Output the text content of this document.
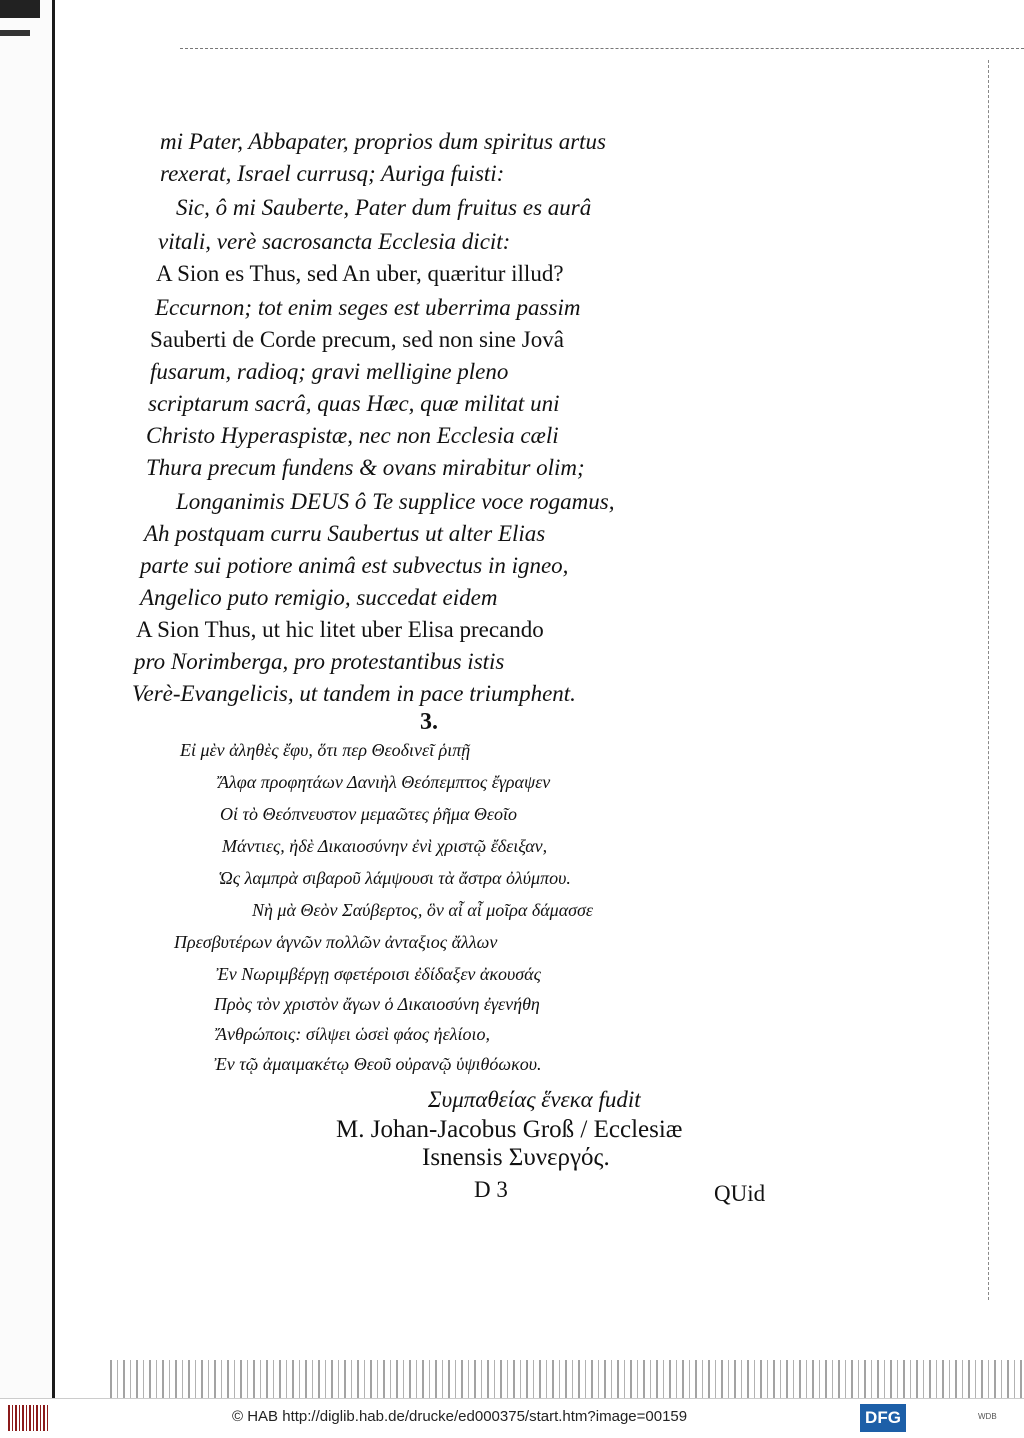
mi Pater, Abbapater, proprios dum spiritus artus
rexerat, Israel currusq; Auriga fuisti:
Sic, ô mi Sauberte, Pater dum fruitus es aurâ
vitali, verè sacrosancta Ecclesia dicit:
A Sion es Thus, sed An uber, quæritur illud?
Eccurnon; tot enim seges est uberrima passim
Sauberti de Corde precum, sed non sine Jovâ
fusarum, radioq; gravi melligine pleno
scriptarum sacrâ, quas Hæc, quæ militat uni
Christo Hyperaspistæ, nec non Ecclesia cæli
Thura precum fundens & ovans mirabitur olim;
Longanimis DEUS ô Te supplice voce rogamus,
Ah postquam curru Saubertus ut alter Elias
parte sui potiore animâ est subvectus in igneo,
Angelico puto remigio, succedat eidem
A Sion Thus, ut hic litet uber Elisa precando
pro Norimberga, pro protestantibus istis
Verè-Evangelicis, ut tandem in pace triumphent.
3.
Εἰ μὲν ἀληθὲς ἔφυ, ὅτι περ Θεοδινεῖ ῥιπῇ
Ἄλφα προφητάων Δανιὴλ Θεόπεμπτος ἔγραψεν
Οἱ τὸ Θεόπνευστον μεμαῶτες ῥῆμα Θεοῖο
Μάντιες, ἠδὲ Δικαιοσύνην ἐνὶ χριστῷ ἔδειξαν,
Ὡς λαμπρὰ σιβαροῦ λάμψουσι τὰ ἄστρα ὀλύμπου.
Νὴ μὰ Θεὸν Σαύβερτος, ὃν αἶ αἶ μοῖρα δάμασσε
Πρεσβυτέρων ἁγνῶν πολλῶν ἀνταξιος ἄλλων
Ἐν Νωριμβέργῃ σφετέροισι ἐδίδαξεν ἀκουσάς
Πρὸς τὸν χριστὸν ἄγων ὁ Δικαιοσύνη ἐγενήθη
Ἄνθρώποις: σίλψει ὡσεὶ φάος ἠελίοιο,
Ἐν τῷ ἀμαιμακέτῳ Θεοῦ οὐρανῷ ὑψιθόωκου.
Συμπαθείας ἕνεκα fudit
M. Johan-Jacobus Groß / Ecclesiæ
Isnensis Συνεργός.
D 3	QUid
© HAB http://diglib.hab.de/drucke/ed000375/start.htm?image=00159	DFG	WDB
